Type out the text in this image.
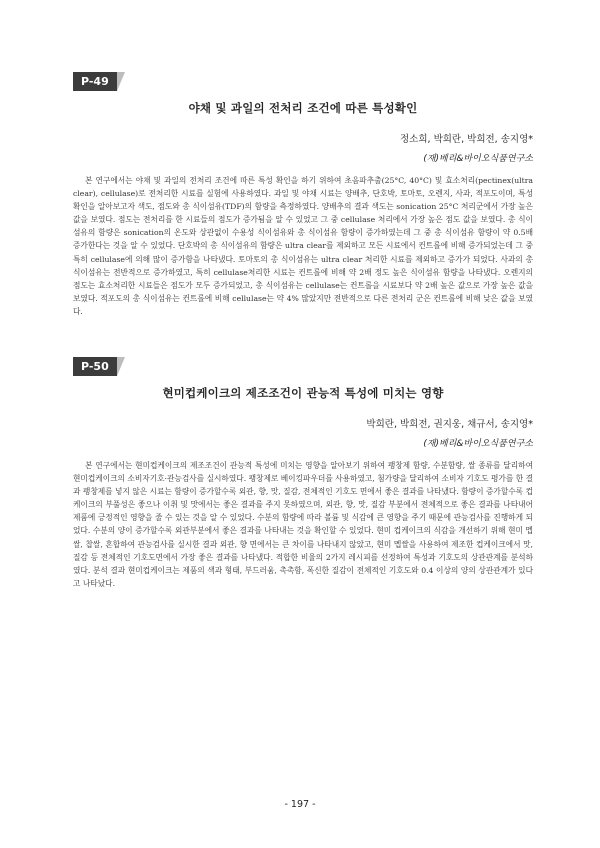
P-49
야채 및 과일의 전처리 조건에 따른 특성확인
정소희, 박희란, 박희전, 송지영*
(재)베리&바이오식품연구소
본 연구에서는 야채 및 과일의 전처리 조건에 따른 특성 확인을 하기 위하여 초음파추출(25°C, 40°C) 및 효소처리(pectinex(ultra clear), cellulase)로 전처리한 시료를 실험에 사용하였다. 과일 및 야채 시료는 양배추, 단호박, 토마토, 오렌지, 사과, 적포도이며, 특성확인을 알아보고자 색도, 점도와 총 식이섬유(TDF)의 함량을 측정하였다. 양배추의 결과 색도는 sonication 25°C 처리군에서 가장 높은 값을 보였다. 점도는 전처리를 한 시료들의 점도가 증가됨을 알 수 있었고 그 중 cellulase 처리에서 가장 높은 점도 값을 보였다. 총 식이섬유의 함량은 sonication의 온도와 상관없이 수용성 식이섬유와 총 식이섬유 함량이 증가하였는데 그 중 총 식이섬유 함량이 약 0.5배 증가한다는 것을 알 수 있었다. 단호박의 총 식이섬유의 함량은 ultra clear를 제외하고 모든 시료에서 컨트롤에 비해 증가되었는데 그 중 특히 cellulase에 의해 많이 증가함을 나타냈다. 토마토의 총 식이섬유는 ultra clear 처리한 시료를 제외하고 증가가 되었다. 사과의 총 식이섬유는 전반적으로 증가하였고, 특히 cellulase처리한 시료는 컨트롤에 비해 약 2배 정도 높은 식이섬유 함량을 나타냈다. 오렌지의 점도는 효소처리한 시료들은 점도가 모두 증가되었고, 총 식이섬유는 cellulase는 컨트롤을 시료보다 약 2배 높은 값으로 가장 높은 값을 보였다. 적포도의 총 식이섬유는 컨트롤에 비해 cellulase는 약 4% 많았지만 전반적으로 다른 전처리 군은 컨트롤에 비해 낮은 값을 보였다.
P-50
현미컵케이크의 제조조건이 관능적 특성에 미치는 영향
박희란, 박희전, 권지웅, 채규서, 송지영*
(재)베리&바이오식품연구소
본 연구에서는 현미컵케이크의 제조조건이 관능적 특성에 미치는 영향을 알아보기 위하여 팽창제 함량, 수분함량, 쌀 종류를 달리하여 현미컵케이크의 소비자기호·관능검사를 실시하였다. 팽창제로 베이킹파우더를 사용하였고, 첨가량을 달리하여 소비자 기호도 평가를 한 결과 팽창제를 넣지 않은 시료는 함량이 증가할수록 외관, 향, 맛, 질감, 전체적인 기호도 면에서 좋은 결과를 나타냈다. 함량이 증가할수록 컵케이크의 부풀성은 좋으나 이취 및 맛에서는 좋은 결과를 주지 못하였으며, 외관, 향, 맛, 질감 부분에서 전체적으로 좋은 결과를 나타내어 제품에 긍정적인 영향을 줄 수 있는 것을 알 수 있었다. 수분의 함량에 따라 볼륨 및 식감에 큰 영향을 주기 때문에 관능검사를 진행하게 되었다. 수분의 양이 증가할수록 외관부분에서 좋은 결과를 나타내는 것을 확인할 수 있었다. 현미 컵케이크의 식감을 개선하기 위해 현미 멥쌀, 찹쌀, 혼합하여 관능검사를 실시한 결과 외관, 향 면에서는 큰 차이를 나타내지 않았고, 현미 멥쌀을 사용하여 제조한 컵케이크에서 맛, 질감 등 전체적인 기호도면에서 가장 좋은 결과를 나타냈다. 적합한 비율의 2가지 레시피를 선정하여 특성과 기호도의 상관관계를 분석하였다. 분석 결과 현미컵케이크는 제품의 색과 형태, 부드러움, 촉촉함, 폭신한 질감이 전체적인 기호도와 0.4 이상의 양의 상관관계가 있다고 나타났다.
- 197 -
